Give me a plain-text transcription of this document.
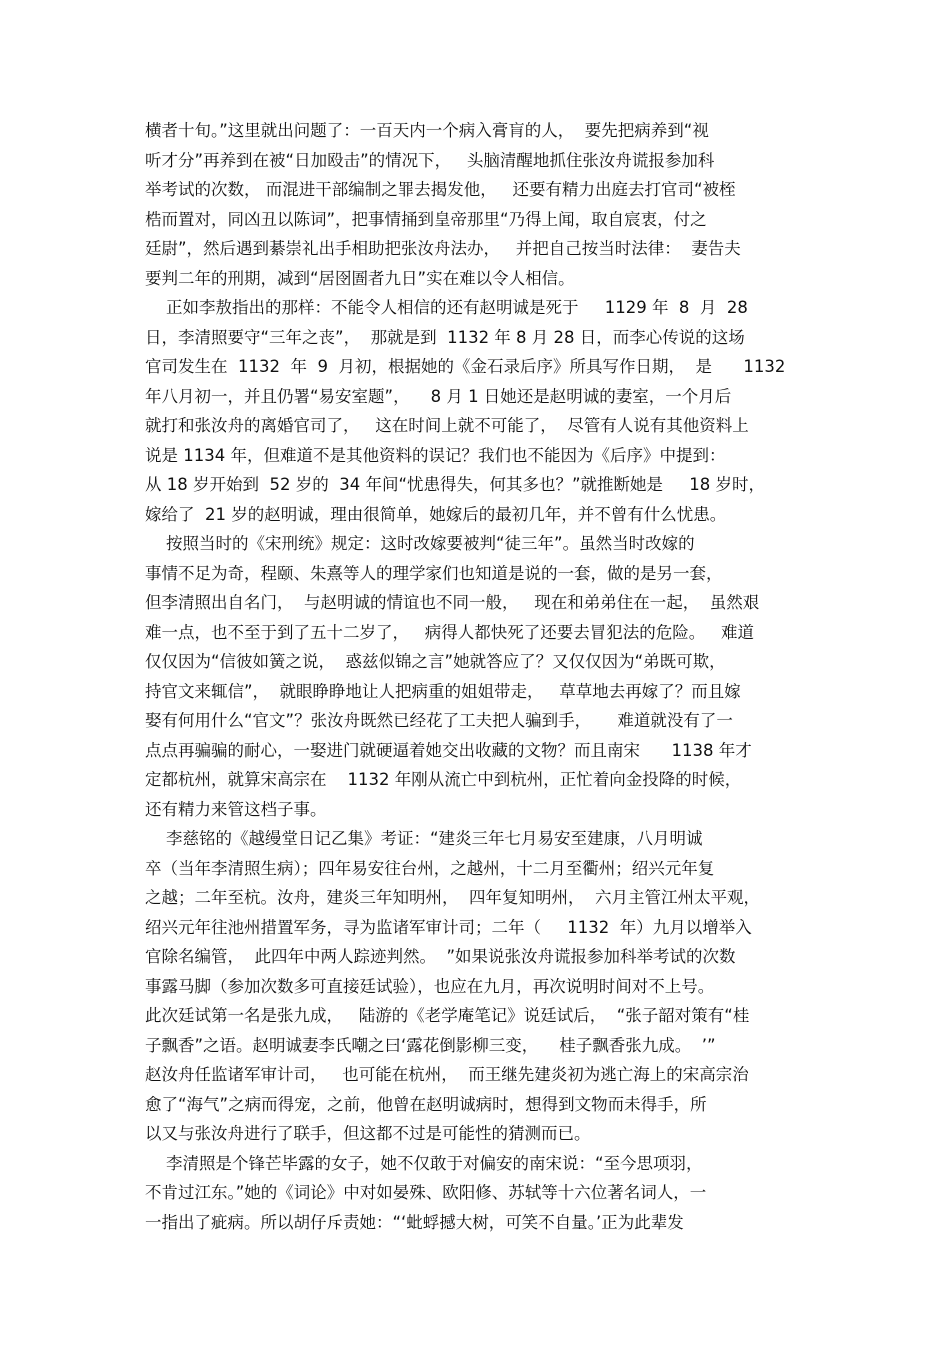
横者十旬。”这里就出问题了：一百天内一个病入膏肓的人，  要先把病养到“视
听才分”再养到在被“日加殴击”的情况下，   头脑清醒地抓住张汝舟谎报参加科
举考试的次数， 而混进干部编制之罪去揭发他，   还要有精力出庭去打官司“被桎
梏而置对，同凶丑以陈词”，把事情捅到皇帝那里“乃得上闻，取自宸衷，付之
廷尉”，然后遇到綦崇礼出手相助把张汝舟法办，   并把自己按当时法律：  妻告夫
要判二年的刑期，减到“居囹圄者九日”实在难以令人相信。
正如李敖指出的那样：不能令人相信的还有赵明诚是死于     1129 年  8  月  28
日，李清照要守“三年之丧”，  那就是到  1132 年 8 月 28 日，而李心传说的这场
官司发生在  1132  年  9  月初，根据她的《金石录后序》所具写作日期，  是      1132
年八月初一，并且仍署“易安室题”，    8 月 1 日她还是赵明诚的妻室，一个月后
就打和张汝舟的离婚官司了，   这在时间上就不可能了，  尽管有人说有其他资料上
说是 1134 年，但难道不是其他资料的误记？我们也不能因为《后序》中提到：
从 18 岁开始到  52 岁的  34 年间“忧患得失，何其多也？”就推断她是     18 岁时，
嫁给了  21 岁的赵明诚，理由很简单，她嫁后的最初几年，并不曾有什么忧患。
按照当时的《宋刑统》规定：这时改嫁要被判“徒三年”。虽然当时改嫁的
事情不足为奇，程颐、朱熹等人的理学家们也知道是说的一套，做的是另一套，
但李清照出自名门，  与赵明诚的情谊也不同一般，   现在和弟弟住在一起，  虽然艰
难一点，也不至于到了五十二岁了，   病得人都快死了还要去冒犯法的危险。   难道
仅仅因为“信彼如簧之说，  惑兹似锦之言”她就答应了？又仅仅因为“弟既可欺，
持官文来辄信”，  就眼睁睁地让人把病重的姐姐带走，   草草地去再嫁了？而且嫁
娶有何用什么“官文”？张汝舟既然已经花了工夫把人骗到手，     难道就没有了一
点点再骗骗的耐心，一娶进门就硬逼着她交出收藏的文物？而且南宋      1138 年才
定都杭州，就算宋高宗在    1132 年刚从流亡中到杭州，正忙着向金投降的时候，
还有精力来管这档子事。
李慈铭的《越缦堂日记乙集》考证：“建炎三年七月易安至建康，八月明诚
卒（当年李清照生病）；四年易安往台州，之越州，十二月至衢州；绍兴元年复
之越；二年至杭。汝舟，建炎三年知明州，  四年复知明州，  六月主管江州太平观，
绍兴元年往池州措置军务，寻为监诸军审计司；二年（     1132  年）九月以增举入
官除名编管，  此四年中两人踪迹判然。  ”如果说张汝舟谎报参加科举考试的次数
事露马脚（参加次数多可直接廷试验），也应在九月，再次说明时间对不上号。
此次廷试第一名是张九成，   陆游的《老学庵笔记》说廷试后，  “张子韶对策有“桂
子飘香”之语。赵明诚妻李氏嘲之曰‘露花倒影柳三变，    桂子飘香张九成。  ’”
赵汝舟任监诸军审计司，   也可能在杭州，  而王继先建炎初为逃亡海上的宋高宗治
愈了“海气”之病而得宠，之前，他曾在赵明诚病时，想得到文物而未得手，所
以又与张汝舟进行了联手，但这都不过是可能性的猜测而已。
李清照是个锋芒毕露的女子，她不仅敢于对偏安的南宋说：“至今思项羽，
不肯过江东。”她的《词论》中对如晏殊、欧阳修、苏轼等十六位著名词人，一
一指出了疵病。所以胡仔斥责她：“‘蚍蜉撼大树，可笑不自量。’正为此辈发
